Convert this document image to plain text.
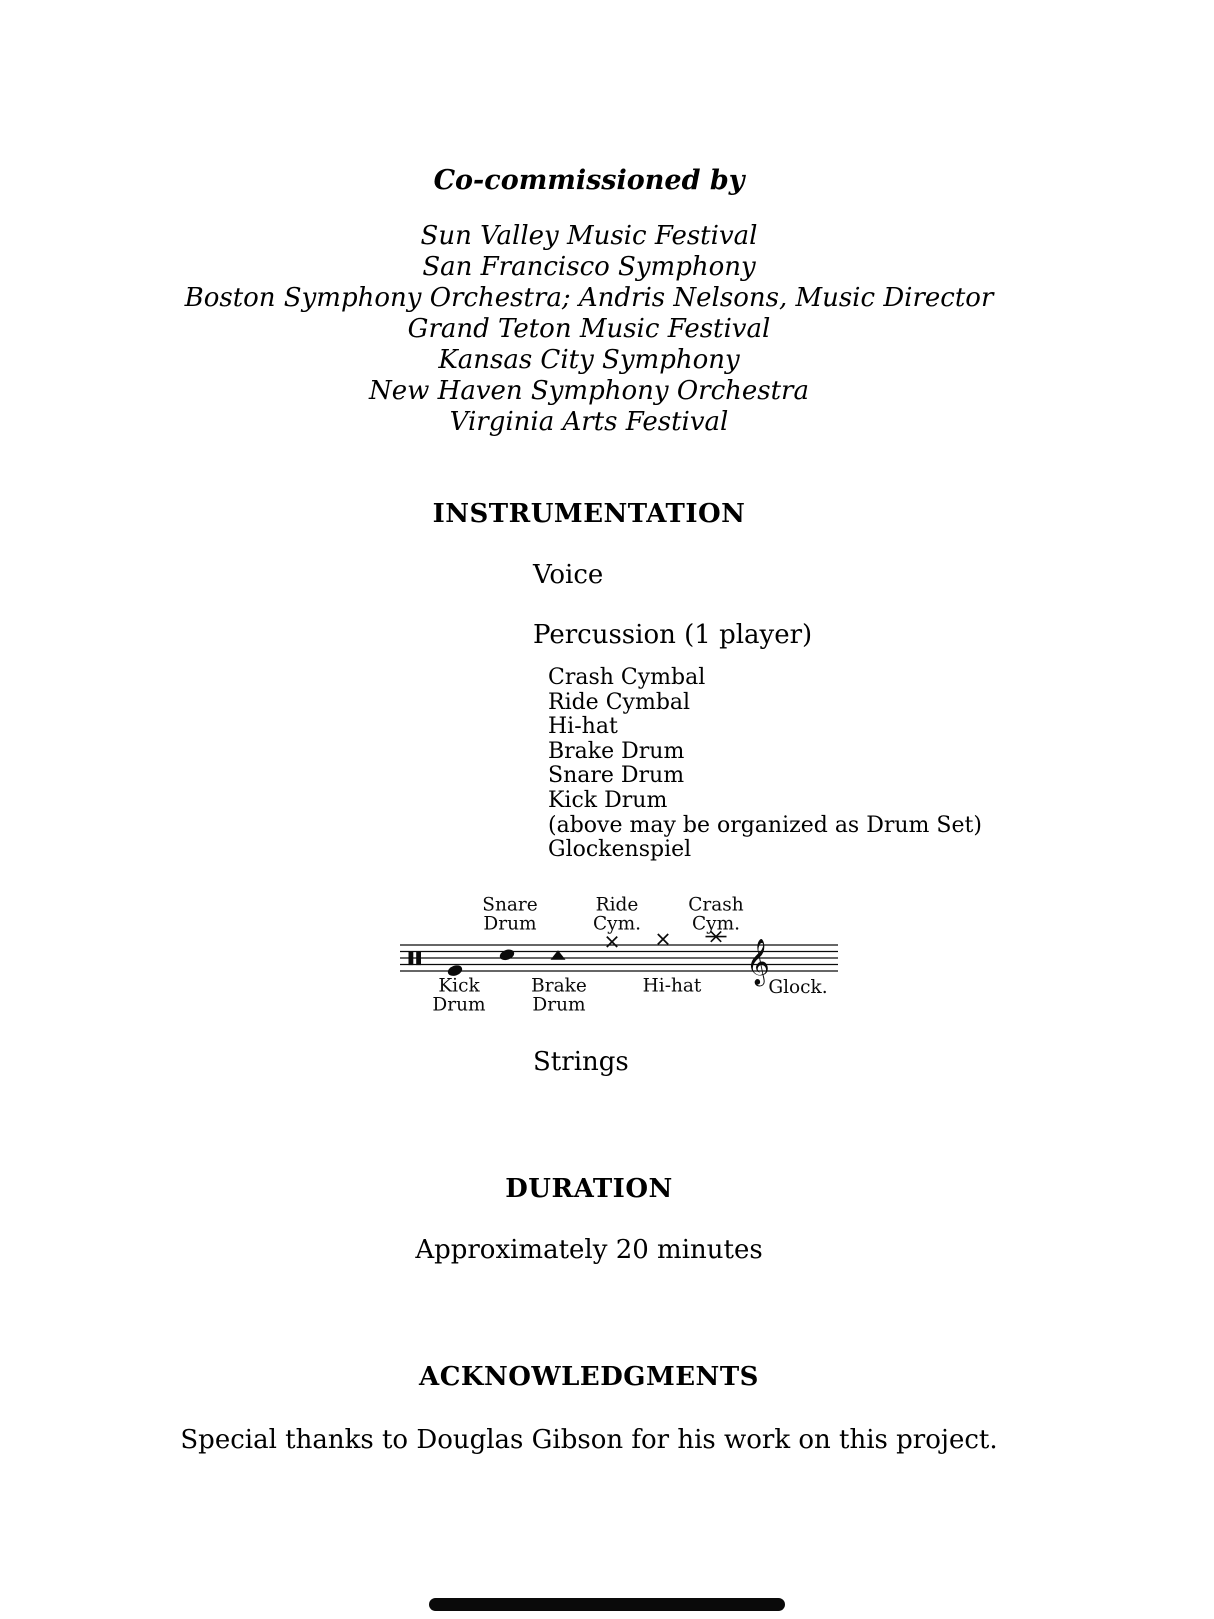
Co-commissioned by
Sun Valley Music Festival
San Francisco Symphony
Boston Symphony Orchestra; Andris Nelsons, Music Director
Grand Teton Music Festival
Kansas City Symphony
New Haven Symphony Orchestra
Virginia Arts Festival
INSTRUMENTATION
Voice
Percussion (1 player)
Crash Cymbal
Ride Cymbal
Hi-hat
Brake Drum
Snare Drum
Kick Drum
(above may be organized as Drum Set)
Glockenspiel
𝄞
Snare
Drum
Ride
Cym.
Crash
Cym.
Kick
Drum
Brake
Drum
Hi-hat	Glock.
Strings
DURATION
Approximately 20 minutes
ACKNOWLEDGMENTS
Special thanks to Douglas Gibson for his work on this project.
